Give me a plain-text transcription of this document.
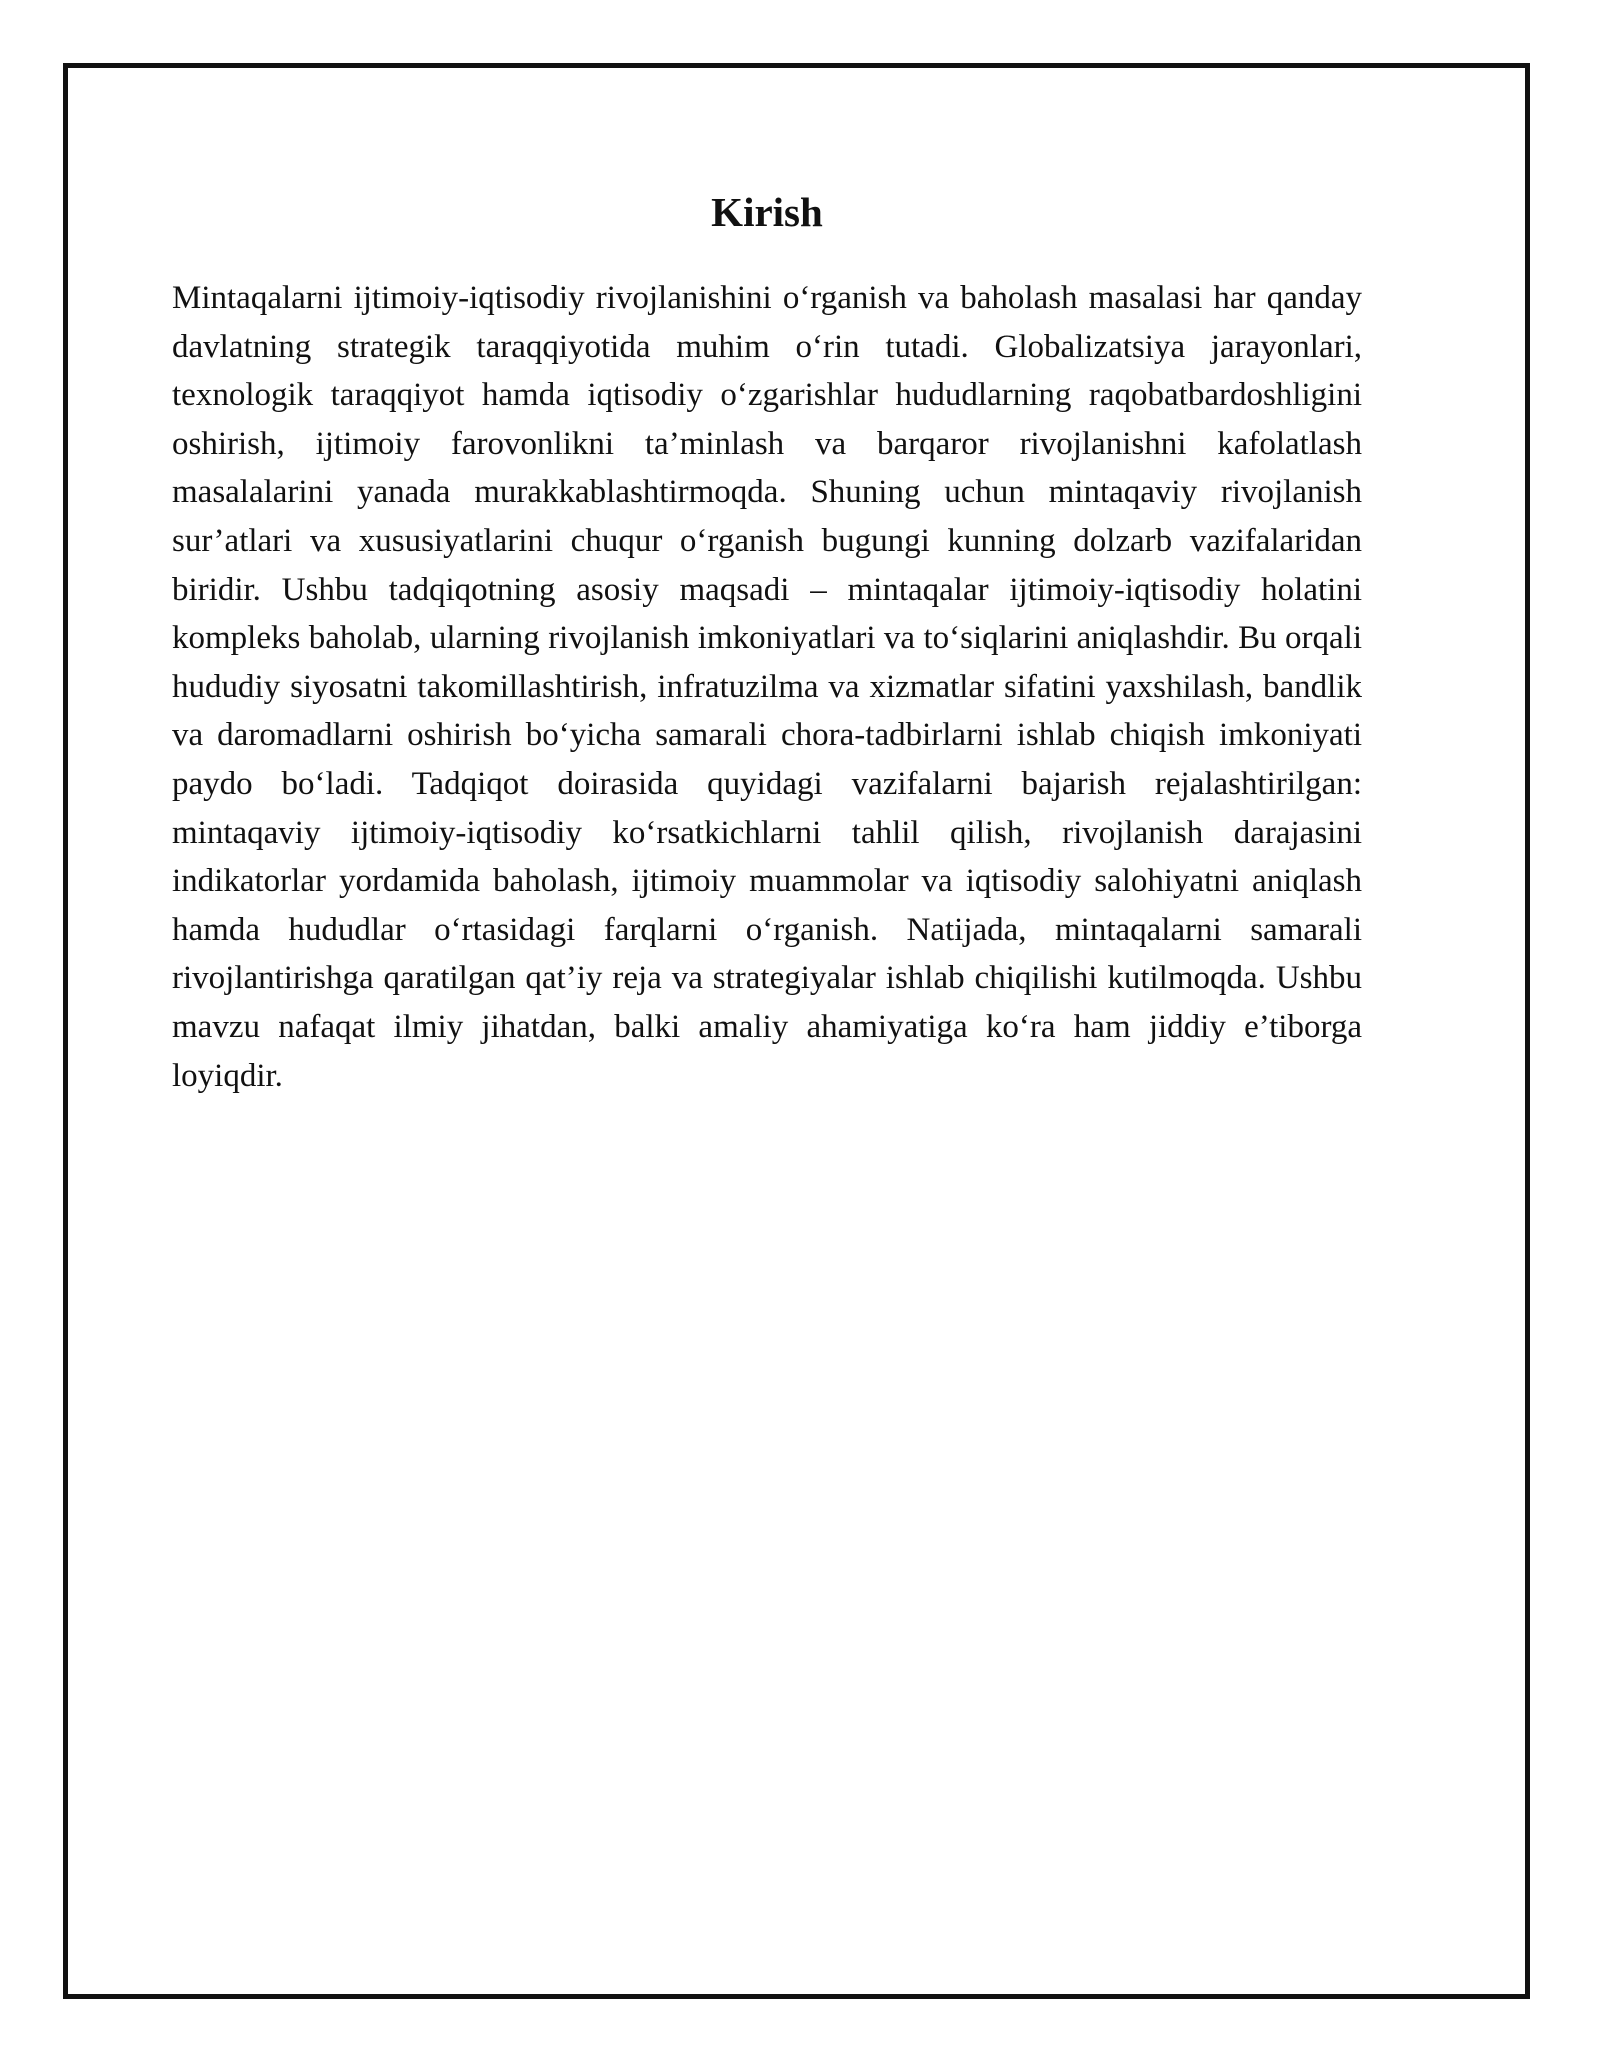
Kirish

Mintaqalarni ijtimoiy-iqtisodiy rivojlanishini o‘rganish va baholash masalasi har qanday davlatning strategik taraqqiyotida muhim o‘rin tutadi. Globalizatsiya jarayonlari, texnologik taraqqiyot hamda iqtisodiy o‘zgarishlar hududlarning raqobatbardoshligini oshirish, ijtimoiy farovonlikni ta’minlash va barqaror rivojlanishni kafolatlash masalalarini yanada murakkablashtirmoqda. Shuning uchun mintaqaviy rivojlanish sur’atlari va xususiyatlarini chuqur o‘rganish bugungi kunning dolzarb vazifalaridan biridir. Ushbu tadqiqotning asosiy maqsadi – mintaqalar ijtimoiy-iqtisodiy holatini kompleks baholab, ularning rivojlanish imkoniyatlari va to‘siqlarini aniqlashdir. Bu orqali hududiy siyosatni takomillashtirish, infratuzilma va xizmatlar sifatini yaxshilash, bandlik va daromadlarni oshirish bo‘yicha samarali chora-tadbirlarni ishlab chiqish imkoniyati paydo bo‘ladi. Tadqiqot doirasida quyidagi vazifalarni bajarish rejalashtirilgan: mintaqaviy ijtimoiy-iqtisodiy ko‘rsatkichlarni tahlil qilish, rivojlanish darajasini indikatorlar yordamida baholash, ijtimoiy muammolar va iqtisodiy salohiyatni aniqlash hamda hududlar o‘rtasidagi farqlarni o‘rganish. Natijada, mintaqalarni samarali rivojlantirishga qaratilgan qat’iy reja va strategiyalar ishlab chiqilishi kutilmoqda. Ushbu mavzu nafaqat ilmiy jihatdan, balki amaliy ahamiyatiga ko‘ra ham jiddiy e’tiborga loyiqdir.
